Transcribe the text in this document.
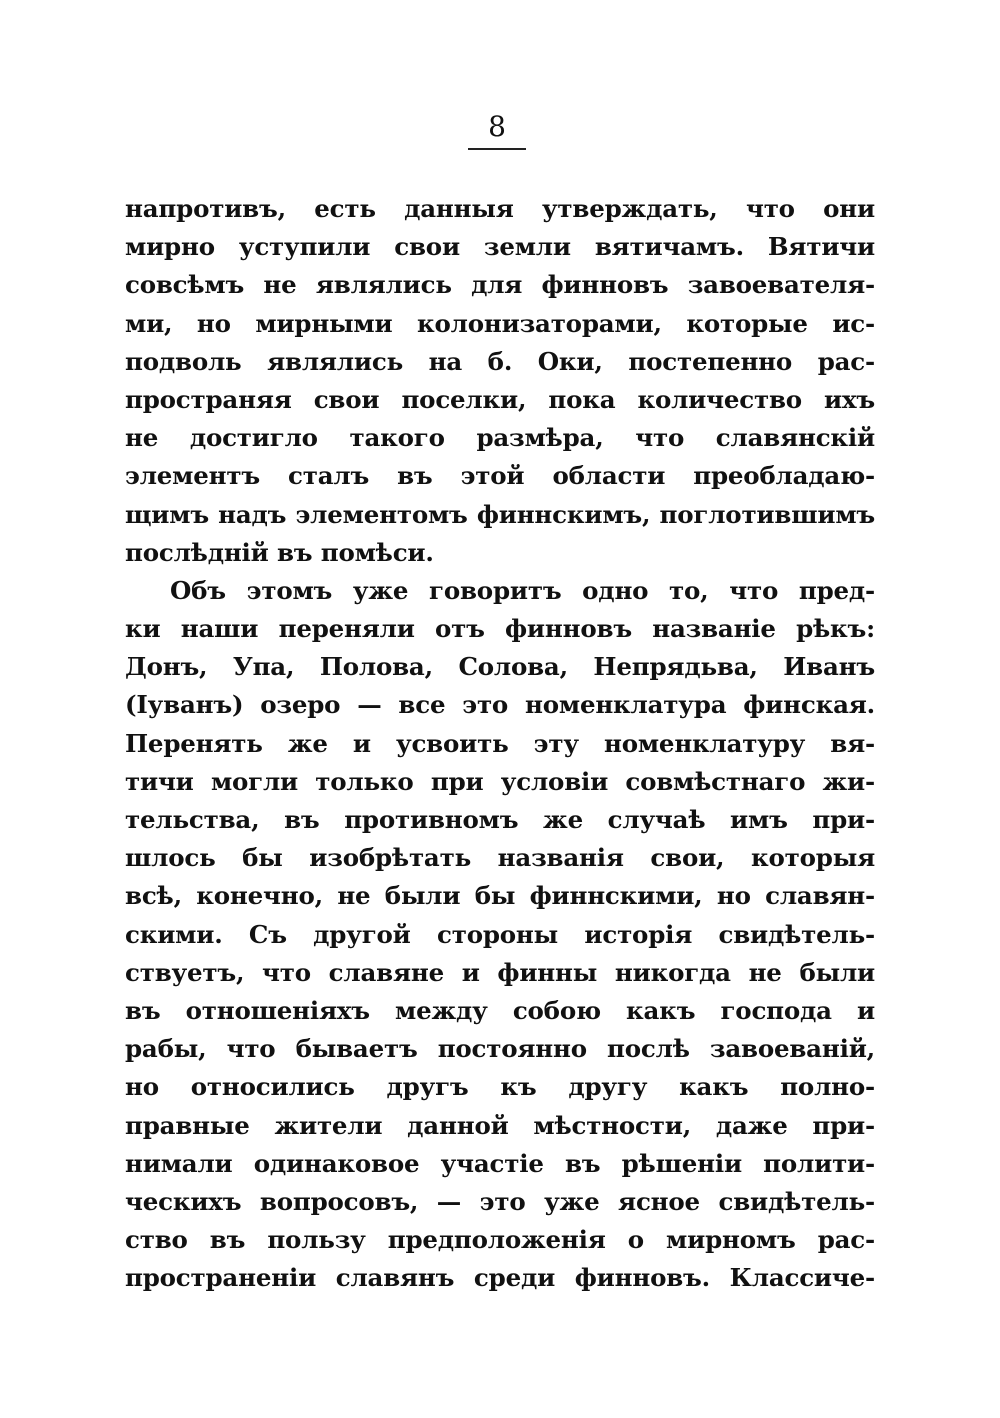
8
напротивъ, есть данныя утверждать, что они
мирно уступили свои земли вятичамъ. Вятичи
совсѣмъ не являлись для финновъ завоевателя-
ми, но мирными колонизаторами, которые ис-
подволь являлись на б. Оки, постепенно рас-
пространяя свои поселки, пока количество ихъ
не достигло такого размѣра, что славянскій
элементъ сталъ въ этой области преобладаю-
щимъ надъ элементомъ финнскимъ, поглотившимъ
послѣдній въ помѣси.
Объ этомъ уже говоритъ одно то, что пред-
ки наши переняли отъ финновъ названіе рѣкъ:
Донъ, Упа, Полова, Солова, Непрядьва, Иванъ
(Іуванъ) озеро — все это номенклатура финская.
Перенять же и усвоить эту номенклатуру вя-
тичи могли только при условіи совмѣстнаго жи-
тельства, въ противномъ же случаѣ имъ при-
шлось бы изобрѣтать названія свои, которыя
всѣ, конечно, не были бы финнскими, но славян-
скими. Съ другой стороны исторія свидѣтель-
ствуетъ, что славяне и финны никогда не были
въ отношеніяхъ между собою какъ господа и
рабы, что бываетъ постоянно послѣ завоеваній,
но относились другъ къ другу какъ полно-
правные жители данной мѣстности, даже при-
нимали одинаковое участіе въ рѣшеніи полити-
ческихъ вопросовъ, — это уже ясное свидѣтель-
ство въ пользу предположенія о мирномъ рас-
пространеніи славянъ среди финновъ. Классиче-
